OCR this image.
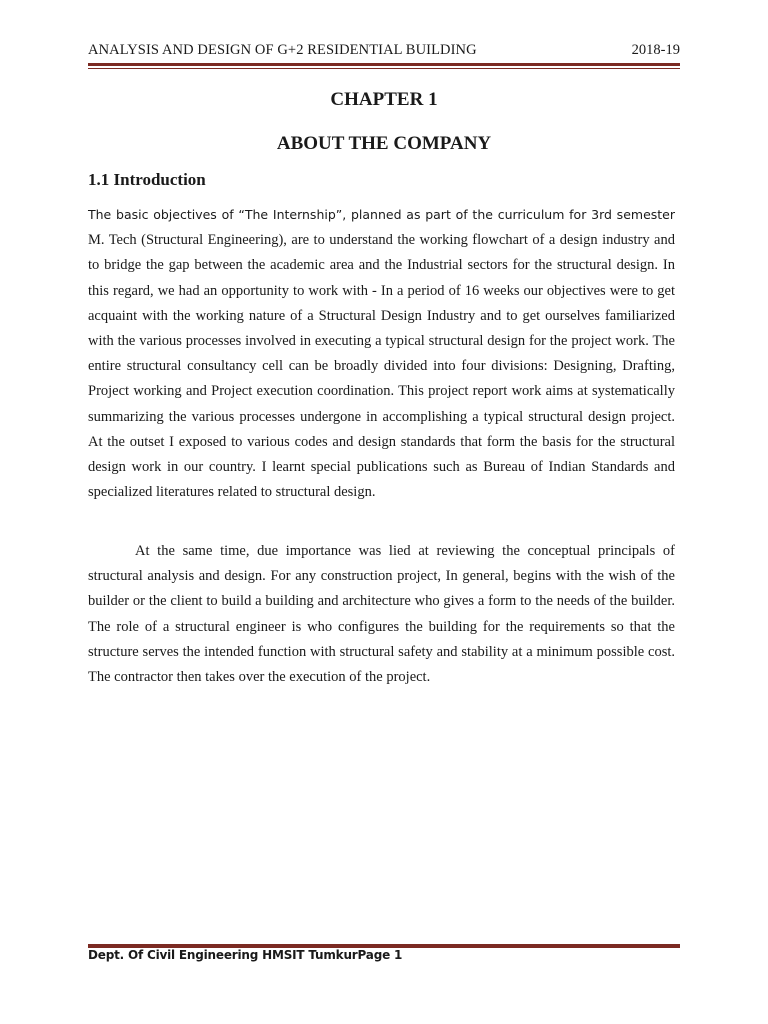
ANALYSIS AND DESIGN OF G+2 RESIDENTIAL BUILDING	2018-19
CHAPTER 1
ABOUT THE COMPANY
1.1 Introduction

The basic objectives of “The Internship”, planned as part of the curriculum for 3rd semester M. Tech (Structural Engineering), are to understand the working flowchart of a design industry and to bridge the gap between the academic area and the Industrial sectors for the structural design. In this regard, we had an opportunity to work with - In a period of 16 weeks our objectives were to get acquaint with the working nature of a Structural Design Industry and to get ourselves familiarized with the various processes involved in executing a typical structural design for the project work. The entire structural consultancy cell can be broadly divided into four divisions: Designing, Drafting, Project working and Project execution coordination. This project report work aims at systematically summarizing the various processes undergone in accomplishing a typical structural design project. At the outset I exposed to various codes and design standards that form the basis for the structural design work in our country. I learnt special publications such as Bureau of Indian Standards and specialized literatures related to structural design.

At the same time, due importance was lied at reviewing the conceptual principals of structural analysis and design. For any construction project, In general, begins with the wish of the builder or the client to build a building and architecture who gives a form to the needs of the builder. The role of a structural engineer is who configures the building for the requirements so that the structure serves the intended function with structural safety and stability at a minimum possible cost. The contractor then takes over the execution of the project.

Dept. Of Civil Engineering HMSIT TumkurPage 1
